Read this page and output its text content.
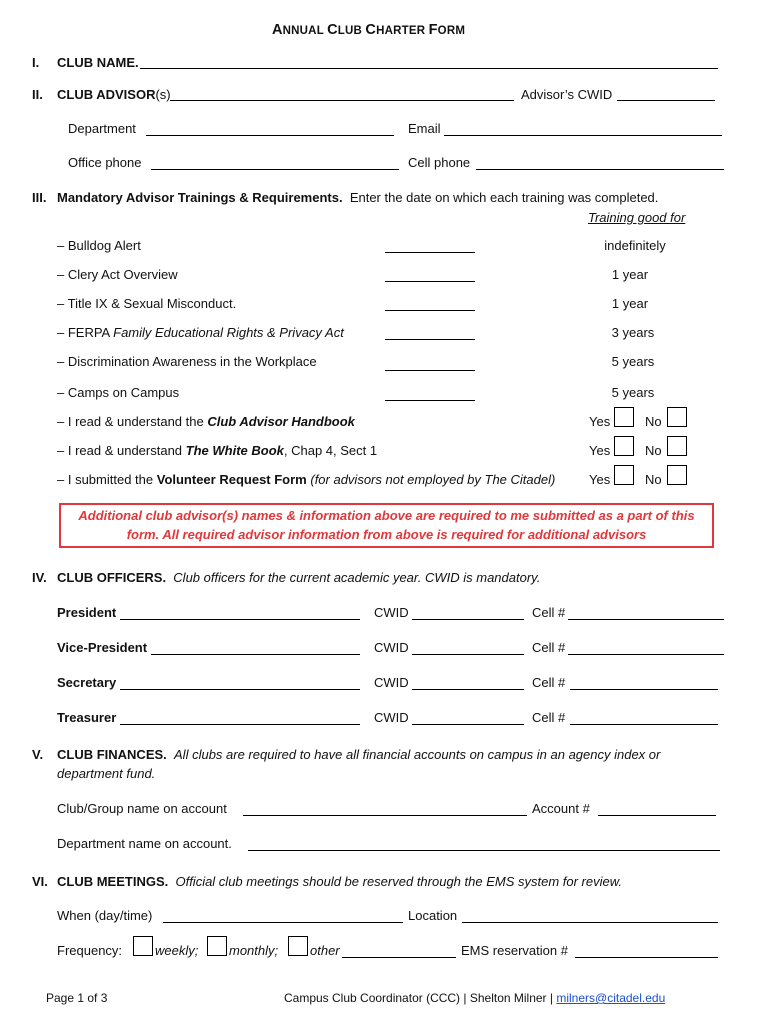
ANNUAL CLUB CHARTER FORM
I. CLUB NAME.
II. CLUB ADVISOR(s)	Advisor’s CWID
Department	Email
Office phone	Cell phone
III. Mandatory Advisor Trainings & Requirements. Enter the date on which each training was completed.
Training good for
– Bulldog Alert	indefinitely
– Clery Act Overview	1 year
– Title IX & Sexual Misconduct.	1 year
– FERPA Family Educational Rights & Privacy Act	3 years
– Discrimination Awareness in the Workplace	5 years
– Camps on Campus	5 years
– I read & understand the Club Advisor Handbook	Yes	No
– I read & understand The White Book, Chap 4, Sect 1	Yes	No
– I submitted the Volunteer Request Form (for advisors not employed by The Citadel)	Yes	No
Additional club advisor(s) names & information above are required to me submitted as a part of this
form. All required advisor information from above is required for additional advisors
IV. CLUB OFFICERS. Club officers for the current academic year. CWID is mandatory.
President	CWID	Cell #
Vice-President	CWID	Cell #
Secretary	CWID	Cell #
Treasurer	CWID	Cell #
V. CLUB FINANCES. All clubs are required to have all financial accounts on campus in an agency index or
department fund.
Club/Group name on account	Account #
Department name on account.
VI. CLUB MEETINGS. Official club meetings should be reserved through the EMS system for review.
When (day/time)	Location
Frequency:	weekly; monthly; other	EMS reservation #
Page 1 of 3	Campus Club Coordinator (CCC) | Shelton Milner | milners@citadel.edu
